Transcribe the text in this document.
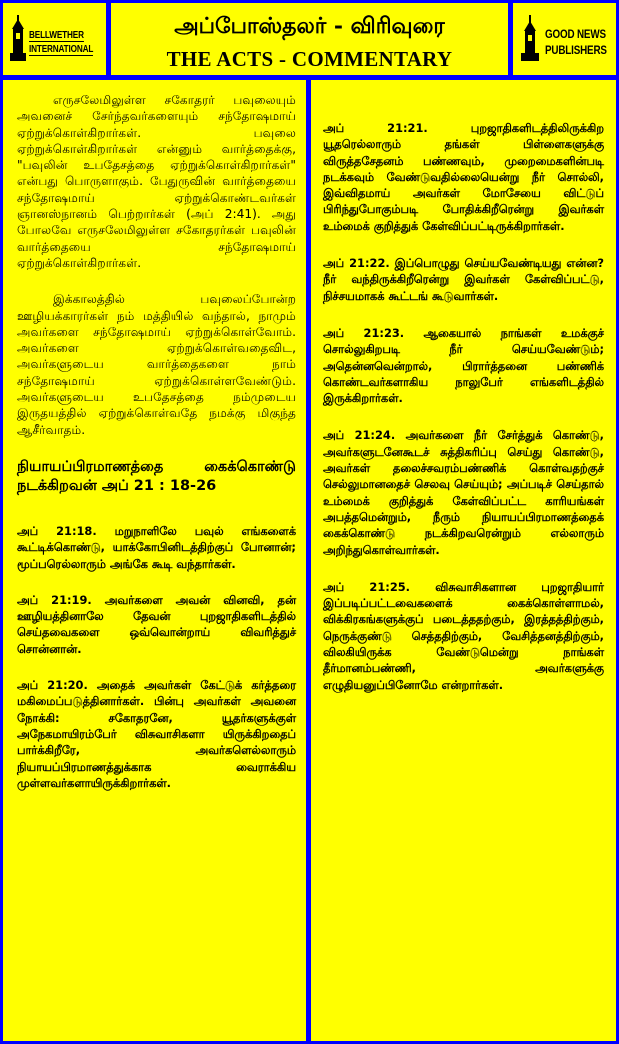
BELLWETHER
INTERNATIONAL
அப்போஸ்தலர் - விரிவுரை
THE ACTS - COMMENTARY
GOOD NEWS
PUBLISHERS

எருசலேமிலுள்ள சகோதரர் பவுலையும் அவனைச் சேர்ந்தவர்களையும் சந்தோஷமாய் ஏற்றுக்கொள்கிறார்கள். பவுலை ஏற்றுக்கொள்கிறார்கள் என்னும் வார்த்தைக்கு, "பவுலின் உபதேசத்தை ஏற்றுக்கொள்கிறார்கள்" என்பது பொருளாகும். பேதுருவின் வார்த்தையை சந்தோஷமாய் ஏற்றுக்கொண்டவர்கள் ஞானஸ்நானம் பெற்றார்கள் (அப் 2:41). அது போலவே எருசலேமிலுள்ள சகோதரர்கள் பவுலின் வார்த்தையை சந்தோஷமாய் ஏற்றுக்கொள்கிறார்கள்.

இக்காலத்தில் பவுலைப்போன்ற ஊழியக்காரர்கள் நம் மத்தியில் வந்தால், நாமும் அவர்களை சந்தோஷமாய் ஏற்றுக்கொள்வோம். அவர்களை ஏற்றுக்கொள்வதைவிட, அவர்களுடைய வார்த்தைகளை நாம் சந்தோஷமாய் ஏற்றுக்கொள்ளவேண்டும். அவர்களுடைய உபதேசத்தை நம்முடைய இருதயத்தில் ஏற்றுக்கொள்வதே நமக்கு மிகுந்த ஆசீர்வாதம்.

நியாயப்பிரமாணத்தை கைக்கொண்டு நடக்கிறவன் அப் 21 : 18-26

அப் 21:18. மறுநாளிலே பவுல் எங்களைக் கூட்டிக்கொண்டு, யாக்கோபினிடத்திற்குப் போனான்; மூப்பரெல்லாரும் அங்கே கூடி வந்தார்கள்.

அப் 21:19. அவர்களை அவன் வினவி, தன் ஊழியத்தினாலே தேவன் புறஜாதிகளிடத்தில் செய்தவைகளை ஒவ்வொன்றாய் விவரித்துச் சொன்னான்.

அப் 21:20. அதைக் அவர்கள் கேட்டுக் கர்த்தரை மகிமைப்படுத்தினார்கள். பின்பு அவர்கள் அவனை நோக்கி: சகோதரனே, யூதர்களுக்குள் அநேகமாயிரம்பேர் விசுவாசிகளா யிருக்கிறதைப் பார்க்கிறீரே, அவர்களெல்லாரும் நியாயப்பிரமாணத்துக்காக வைராக்கிய முள்ளவர்களாயிருக்கிறார்கள்.

அப் 21:21. புறஜாதிகளிடத்திலிருக்கிற யூதரெல்லாரும் தங்கள் பிள்ளைகளுக்கு விருத்தசேதனம் பண்ணவும், முறைமைகளின்படி நடக்கவும் வேண்டுவதில்லையென்று நீர் சொல்லி, இவ்விதமாய் அவர்கள் மோசேயை விட்டுப் பிரிந்துபோகும்படி போதிக்கிறீரென்று இவர்கள் உம்மைக் குறித்துக் கேள்விப்பட்டிருக்கிறார்கள்.

அப் 21:22. இப்பொழுது செய்யவேண்டியது என்ன? நீர் வந்திருக்கிறீரென்று இவர்கள் கேள்விப்பட்டு, நிச்சயமாகக் கூட்டங் கூடுவார்கள்.

அப் 21:23. ஆகையால் நாங்கள் உமக்குச் சொல்லுகிறபடி நீர் செய்யவேண்டும்; அதென்னவென்றால், பிரார்த்தனை பண்ணிக் கொண்டவர்களாகிய நாலுபேர் எங்களிடத்தில் இருக்கிறார்கள்.

அப் 21:24. அவர்களை நீர் சேர்த்துக் கொண்டு, அவர்களுடனேகூடச் சுத்திகரிப்பு செய்து கொண்டு, அவர்கள் தலைச்சவரம்பண்ணிக் கொள்வதற்குச் செல்லுமானதைச் செலவு செய்யும்; அப்படிச் செய்தால் உம்மைக் குறித்துக் கேள்விப்பட்ட காரியங்கள் அபத்தமென்றும், நீரும் நியாயப்பிரமாணத்தைக் கைக்கொண்டு நடக்கிறவரென்றும் எல்லாரும் அறிந்துகொள்வார்கள்.

அப் 21:25. விசுவாசிகளான புறஜாதியார் இப்படிப்பட்டவைகளைக் கைக்கொள்ளாமல், விக்கிரகங்களுக்குப் படைத்ததற்கும், இரத்தத்திற்கும், நெருக்குண்டு செத்ததிற்கும், வேசித்தனத்திற்கும், விலகியிருக்க வேண்டுமென்று நாங்கள் தீர்மானம்பண்ணி, அவர்களுக்கு எழுதியனுப்பினோமே என்றார்கள்.
